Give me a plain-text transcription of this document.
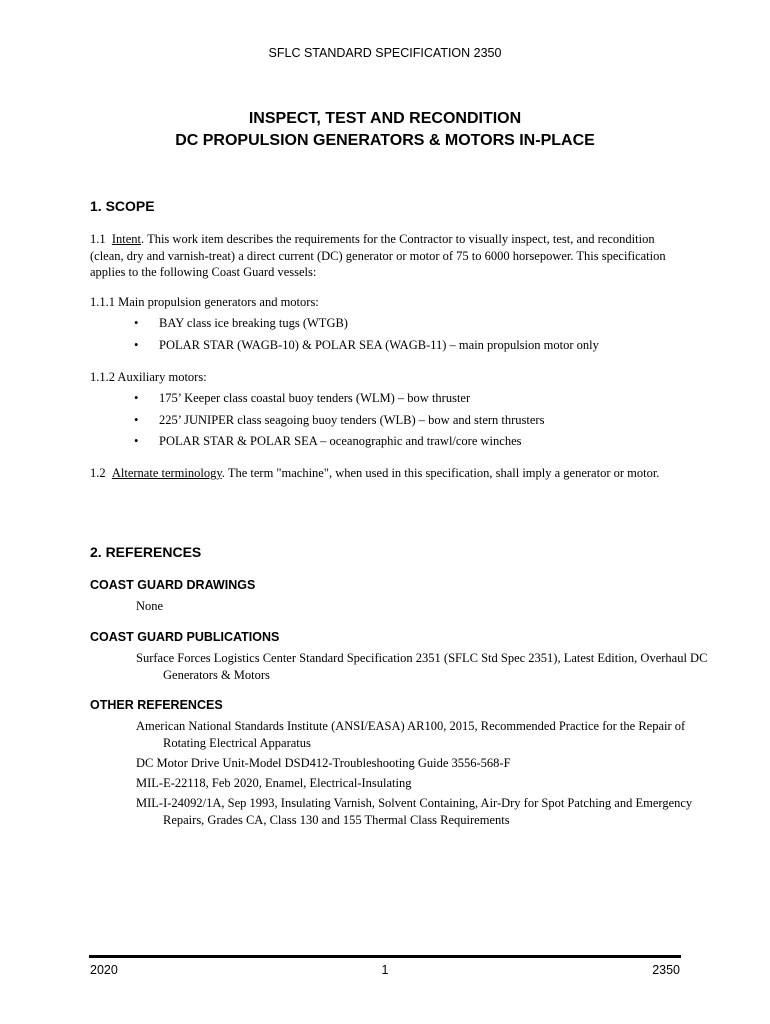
SFLC STANDARD SPECIFICATION 2350
INSPECT, TEST AND RECONDITION
DC PROPULSION GENERATORS & MOTORS IN-PLACE
1. SCOPE
1.1 Intent. This work item describes the requirements for the Contractor to visually inspect, test, and recondition (clean, dry and varnish-treat) a direct current (DC) generator or motor of 75 to 6000 horsepower. This specification applies to the following Coast Guard vessels:
1.1.1 Main propulsion generators and motors:
• BAY class ice breaking tugs (WTGB)
• POLAR STAR (WAGB-10) & POLAR SEA (WAGB-11) – main propulsion motor only
1.1.2 Auxiliary motors:
• 175’ Keeper class coastal buoy tenders (WLM) – bow thruster
• 225’ JUNIPER class seagoing buoy tenders (WLB) – bow and stern thrusters
• POLAR STAR & POLAR SEA – oceanographic and trawl/core winches
1.2 Alternate terminology. The term "machine", when used in this specification, shall imply a generator or motor.
2. REFERENCES
COAST GUARD DRAWINGS
None
COAST GUARD PUBLICATIONS
Surface Forces Logistics Center Standard Specification 2351 (SFLC Std Spec 2351), Latest Edition, Overhaul DC Generators & Motors
OTHER REFERENCES
American National Standards Institute (ANSI/EASA) AR100, 2015, Recommended Practice for the Repair of Rotating Electrical Apparatus
DC Motor Drive Unit-Model DSD412-Troubleshooting Guide 3556-568-F
MIL-E-22118, Feb 2020, Enamel, Electrical-Insulating
MIL-I-24092/1A, Sep 1993, Insulating Varnish, Solvent Containing, Air-Dry for Spot Patching and Emergency Repairs, Grades CA, Class 130 and 155 Thermal Class Requirements
2020	1	2350
